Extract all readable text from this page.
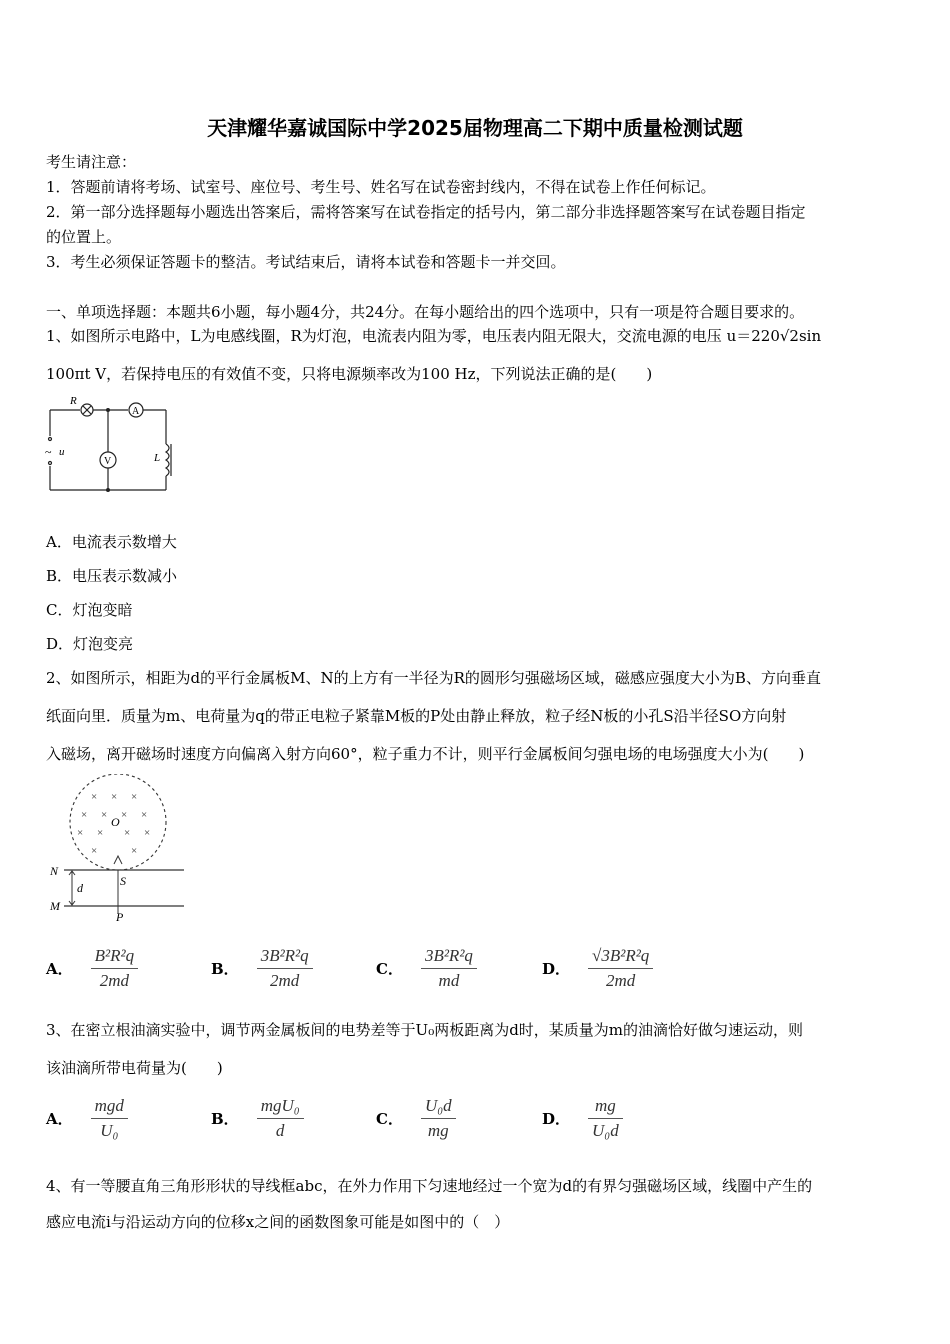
天津耀华嘉诚国际中学2025届物理高二下期中质量检测试题
考生请注意：
1．答题前请将考场、试室号、座位号、考生号、姓名写在试卷密封线内，不得在试卷上作任何标记。
2．第一部分选择题每小题选出答案后，需将答案写在试卷指定的括号内，第二部分非选择题答案写在试卷题目指定
的位置上。
3．考生必须保证答题卡的整洁。考试结束后，请将本试卷和答题卡一并交回。
一、单项选择题：本题共6小题，每小题4分，共24分。在每小题给出的四个选项中，只有一项是符合题目要求的。
1、如图所示电路中，L为电感线圈，R为灯泡，电流表内阻为零，电压表内阻无限大，交流电源的电压 u＝220√2sin
100πt V，若保持电压的有效值不变，只将电源频率改为100 Hz，下列说法正确的是(　　)
R
A
V	L
~ u
A．电流表示数增大
B．电压表示数减小
C．灯泡变暗
D．灯泡变亮
2、如图所示，相距为d的平行金属板M、N的上方有一半径为R的圆形匀强磁场区域，磁感应强度大小为B、方向垂直
纸面向里．质量为m、电荷量为q的带正电粒子紧靠M板的P处由静止释放，粒子经N板的小孔S沿半径SO方向射
入磁场，离开磁场时速度方向偏离入射方向60°，粒子重力不计，则平行金属板间匀强电场的电场强度大小为(　　)
× × ×
× × × ×
× × × ×
×	×
O
N
M
d	S
P
A． $\frac{\text{B²R²q}}{2md}$	B． $\frac{\text{3B²R²q}}{2md}$	C． $\frac{\text{3B²R²q}}{md}$	D． $\frac{\text{√3B²R²q}}{2md}$
3、在密立根油滴实验中，调节两金属板间的电势差等于U₀两板距离为d时，某质量为m的油滴恰好做匀速运动，则
该油滴所带电荷量为(　　)
A． $\frac{\text{mgd}}{\text{U₀}}$	B． $\frac{\text{mgU₀}}{d}$	C． $\frac{\text{U₀d}}{mg}$	D． $\frac{mg}{\text{U₀d}}$
4、有一等腰直角三角形形状的导线框abc，在外力作用下匀速地经过一个宽为d的有界匀强磁场区域，线圈中产生的
感应电流i与沿运动方向的位移x之间的函数图象可能是如图中的（　）
